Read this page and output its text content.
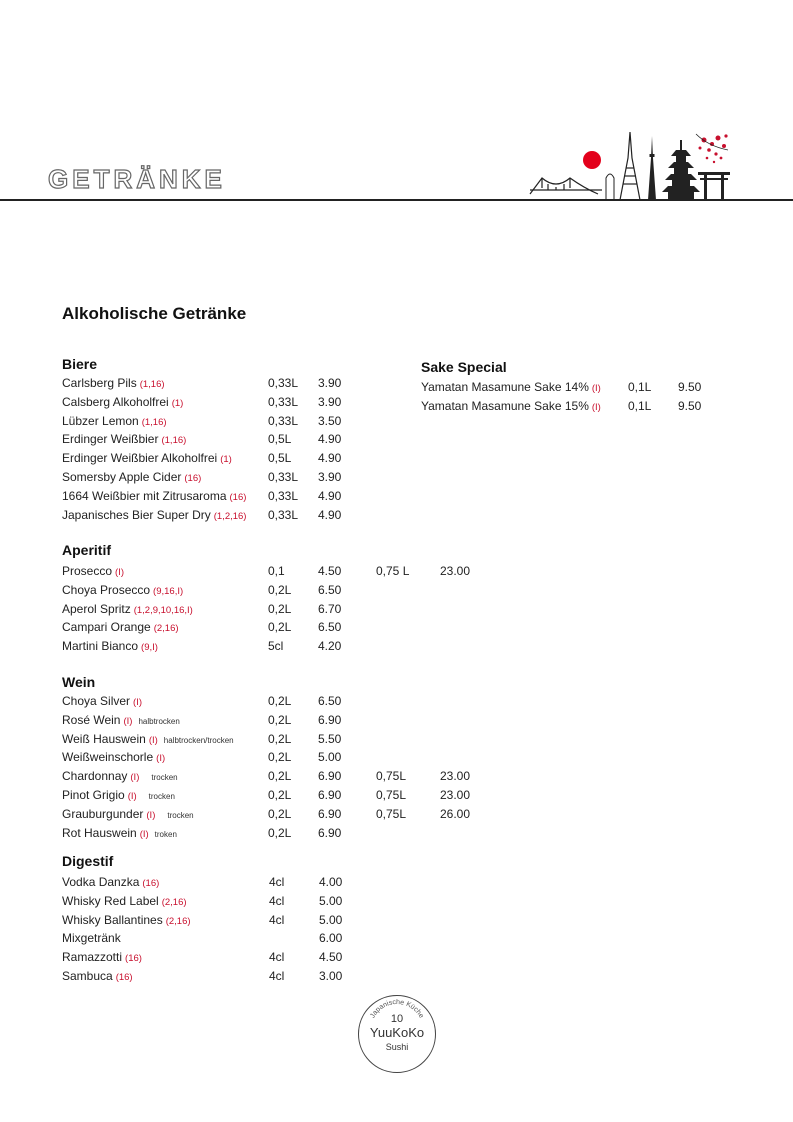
GETRÄNKE
Alkoholische Getränke
Biere
Carlsberg Pils (1,16)	0,33L 3.90
Calsberg Alkoholfrei (1)	0,33L 3.90
Lübzer Lemon (1,16)	0,33L 3.50
Erdinger Weißbier (1,16)	0,5L 4.90
Erdinger Weißbier Alkoholfrei (1)	0,5L 4.90
Somersby Apple Cider (16)	0,33L 3.90
1664 Weißbier mit Zitrusaroma (16) 0,33L 4.90
Japanisches Bier Super Dry (1,2,16) 0,33L 4.90
Aperitif
Prosecco (I)	0,1	4.50	0,75 L	23.00
Choya Prosecco (9,16,I)	0,2L 6.50
Aperol Spritz (1,2,9,10,16,I)	0,2L 6.70
Campari Orange (2,16)	0,2L 6.50
Martini Bianco (9,I)	5cl	4.20
Wein
Choya Silver (I)	0,2L 6.50
Rosé Wein (I) halbtrocken	0,2L 6.90
Weiß Hauswein (I) halbtrocken/trocken	0,2L 5.50
Weißweinschorle (I)	0,2L 5.00
Chardonnay (I) trocken	0,2L 6.90	0,75L	23.00
Pinot Grigio (I) trocken	0,2L 6.90	0,75L	23.00
Grauburgunder (I) trocken	0,2L 6.90	0,75L	26.00
Rot Hauswein (I) troken	0,2L 6.90
Digestif
Vodka Danzka (16)	4cl	4.00
Whisky Red Label (2,16)	4cl	5.00
Whisky Ballantines (2,16)	4cl	5.00
Mixgetränk	6.00
Ramazzotti (16)	4cl	4.50
Sambuca (16)	4cl	3.00
Sake Special
Yamatan Masamune Sake 14% (I) 0,1L 9.50
Yamatan Masamune Sake 15% (I) 0,1L 9.50
Japanische Küche
10
YuuKoKo
Sushi
